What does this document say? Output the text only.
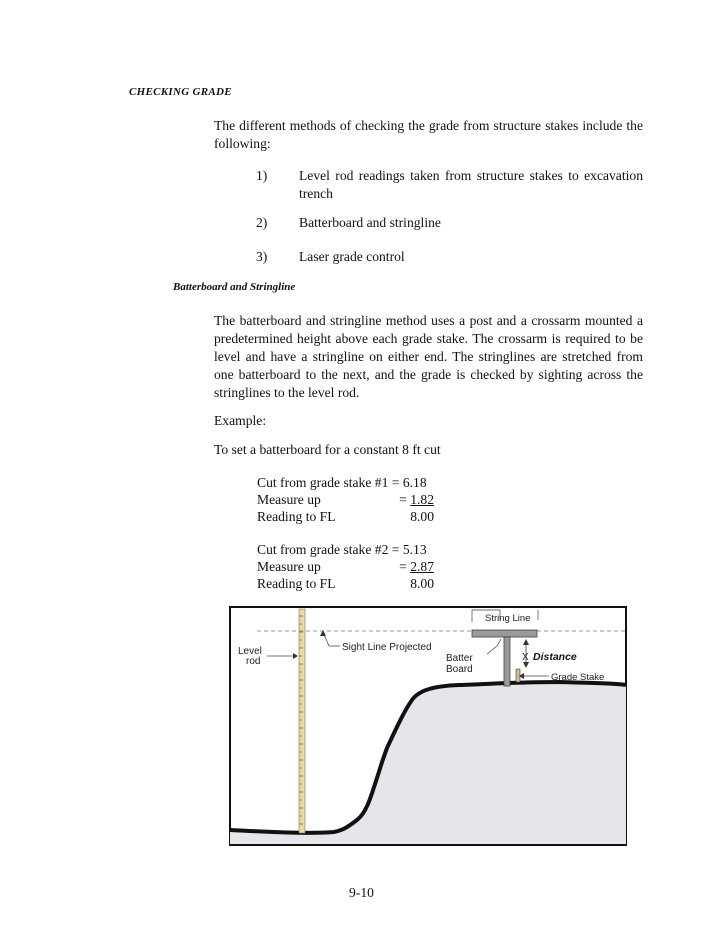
CHECKING GRADE
The different methods of checking the grade from structure stakes include the following:
1) Level rod readings taken from structure stakes to excavation trench
2) Batterboard and stringline
3) Laser grade control
Batterboard and Stringline
The batterboard and stringline method uses a post and a crossarm mounted a predetermined height above each grade stake. The crossarm is required to be level and have a stringline on either end. The stringlines are stretched from one batterboard to the next, and the grade is checked by sighting across the stringlines to the level rod.
Example:
To set a batterboard for a constant 8 ft cut
Cut from grade stake #1 = 6.18
Measure up	= 1.82
Reading to FL	8.00
Cut from grade stake #2 = 5.13
Measure up	= 2.87
Reading to FL	8.00
String Line
Level
rod
Sight Line Projected
Batter
Board
X Distance
Grade Stake
9-10
